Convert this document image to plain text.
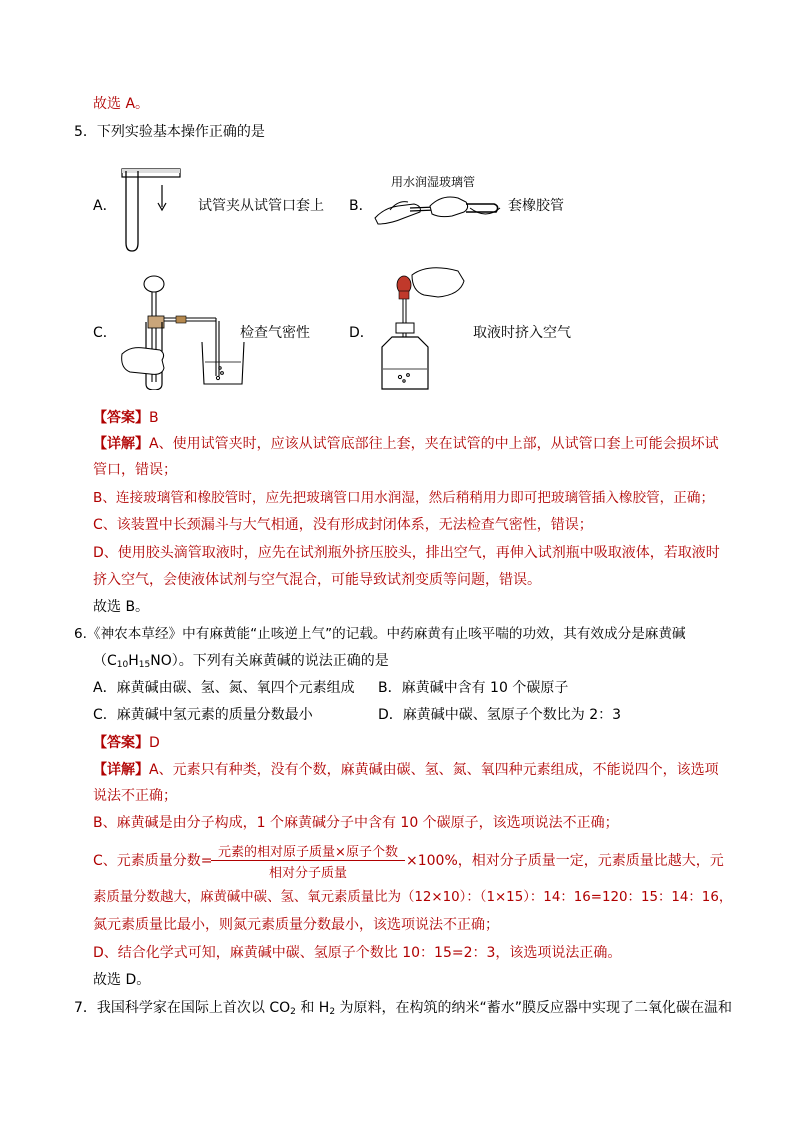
故选 A。
5．下列实验基本操作正确的是
A．	试管夹从试管口套上 B．
用水润湿玻璃管
套橡胶管
C．	检查气密性	D．	取液时挤入空气
【答案】B
【详解】A、使用试管夹时，应该从试管底部往上套，夹在试管的中上部，从试管口套上可能会损坏试
管口，错误；
B、连接玻璃管和橡胶管时，应先把玻璃管口用水润湿，然后稍稍用力即可把玻璃管插入橡胶管，正确；
C、该装置中长颈漏斗与大气相通，没有形成封闭体系，无法检查气密性，错误；
D、使用胶头滴管取液时，应先在试剂瓶外挤压胶头，排出空气，再伸入试剂瓶中吸取液体，若取液时
挤入空气，会使液体试剂与空气混合，可能导致试剂变质等问题，错误。
故选 B。
6.《神农本草经》中有麻黄能“止咳逆上气”的记载。中药麻黄有止咳平喘的功效，其有效成分是麻黄碱
$(C_{10}H_{15}NO)$。下列有关麻黄碱的说法正确的是
A．麻黄碱由碳、氢、氮、氧四个元素组成 B．麻黄碱中含有 10 个碳原子
C．麻黄碱中氢元素的质量分数最小	D．麻黄碱中碳、氢原子个数比为 2：3
【答案】D
【详解】A、元素只有种类，没有个数，麻黄碱由碳、氢、氮、氧四种元素组成，不能说四个，该选项
说法不正确；
B、麻黄碱是由分子构成，1 个麻黄碱分子中含有 10 个碳原子，该选项说法不正确；
C、元素质量分数=
元素的相对原子质量×原子个数
相对分子质量
×100%，相对分子质量一定，元素质量比越大，元
素质量分数越大，麻黄碱中碳、氢、氧元素质量比为（12×10）：（1×15）：14：16=120：15：14：16，
氮元素质量比最小，则氮元素质量分数最小，该选项说法不正确；
D、结合化学式可知，麻黄碱中碳、氢原子个数比 10：15=2：3，该选项说法正确。
故选 D。
7．我国科学家在国际上首次以 $CO_2$ 和 $H_2$ 为原料，在构筑的纳米“蓄水”膜反应器中实现了二氧化碳在温和
